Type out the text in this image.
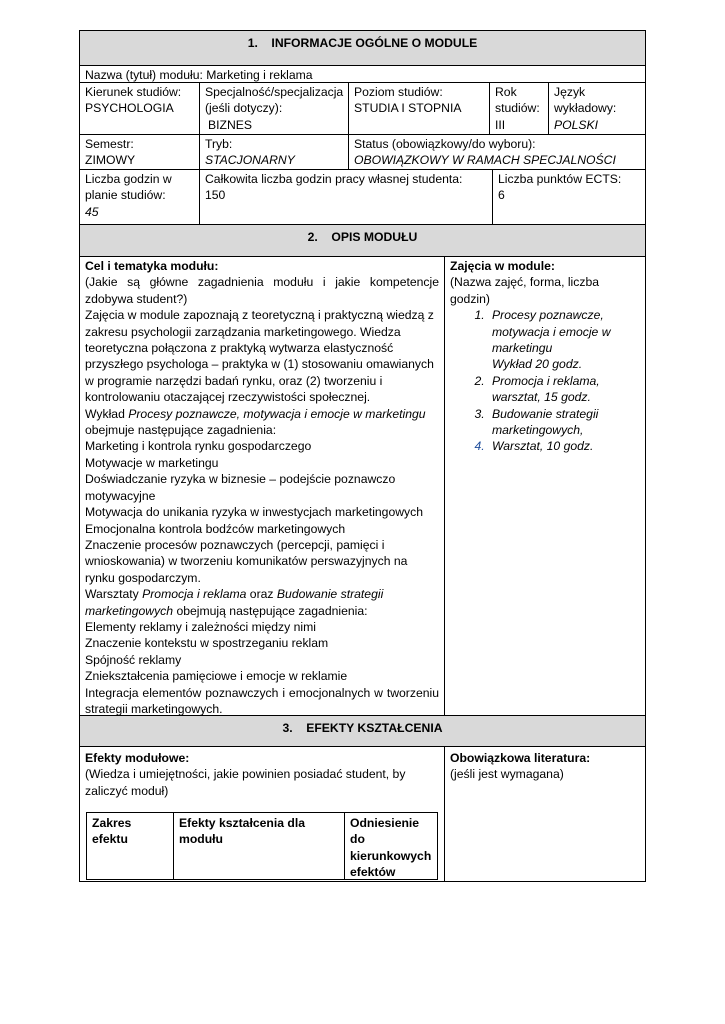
1.    INFORMACJE OGÓLNE O MODULE
Nazwa (tytuł) modułu: Marketing i reklama
Kierunek studiów:
PSYCHOLOGIA
Specjalność/specjalizacja
(jeśli dotyczy):
BIZNES
Poziom studiów:
STUDIA I STOPNIA
Rok
studiów:
III
Język
wykładowy:
POLSKI
Semestr:
ZIMOWY
Tryb:
STACJONARNY
Status (obowiązkowy/do wyboru):
OBOWIĄZKOWY W RAMACH SPECJALNOŚCI
Liczba godzin w
planie studiów:
45
Całkowita liczba godzin pracy własnej studenta:
150
Liczba punktów ECTS:
6
2.    OPIS MODUŁU
Cel i tematyka modułu:
(Jakie są główne zagadnienia modułu i jakie kompetencje zdobywa student?)
Zajęcia w module zapoznają z teoretyczną i praktyczną wiedzą z zakresu psychologii zarządzania marketingowego. Wiedza teoretyczna połączona z praktyką wytwarza elastyczność przyszłego psychologa – praktyka w (1) stosowaniu omawianych w programie narzędzi badań rynku, oraz (2) tworzeniu i kontrolowaniu otaczającej rzeczywistości społecznej.
Wykład Procesy poznawcze, motywacja i emocje w marketingu obejmuje następujące zagadnienia:
Marketing i kontrola rynku gospodarczego
Motywacje w marketingu
Doświadczanie ryzyka w biznesie – podejście poznawczo motywacyjne
Motywacja do unikania ryzyka w inwestycjach marketingowych
Emocjonalna kontrola bodźców marketingowych
Znaczenie procesów poznawczych (percepcji, pamięci i wnioskowania) w tworzeniu komunikatów perswazyjnych na rynku gospodarczym.
Warsztaty Promocja i reklama oraz Budowanie strategii marketingowych obejmują następujące zagadnienia:
Elementy reklamy i zależności między nimi
Znaczenie kontekstu w spostrzeganiu reklam
Spójność reklamy
Zniekształcenia pamięciowe i emocje w reklamie
Integracja elementów poznawczych i emocjonalnych w tworzeniu strategii marketingowych.
Zajęcia w module:
(Nazwa zajęć, forma, liczba godzin)
1. Procesy poznawcze, motywacja i emocje w marketingu
Wykład 20 godz.
2. Promocja i reklama, warsztat, 15 godz.
3. Budowanie strategii marketingowych,
4. Warsztat, 10 godz.
3.    EFEKTY KSZTAŁCENIA
Efekty modułowe:
(Wiedza i umiejętności, jakie powinien posiadać student, by zaliczyć moduł)
Zakres efektu
Efekty kształcenia dla modułu
Odniesienie do kierunkowych efektów
Obowiązkowa literatura:
(jeśli jest wymagana)
